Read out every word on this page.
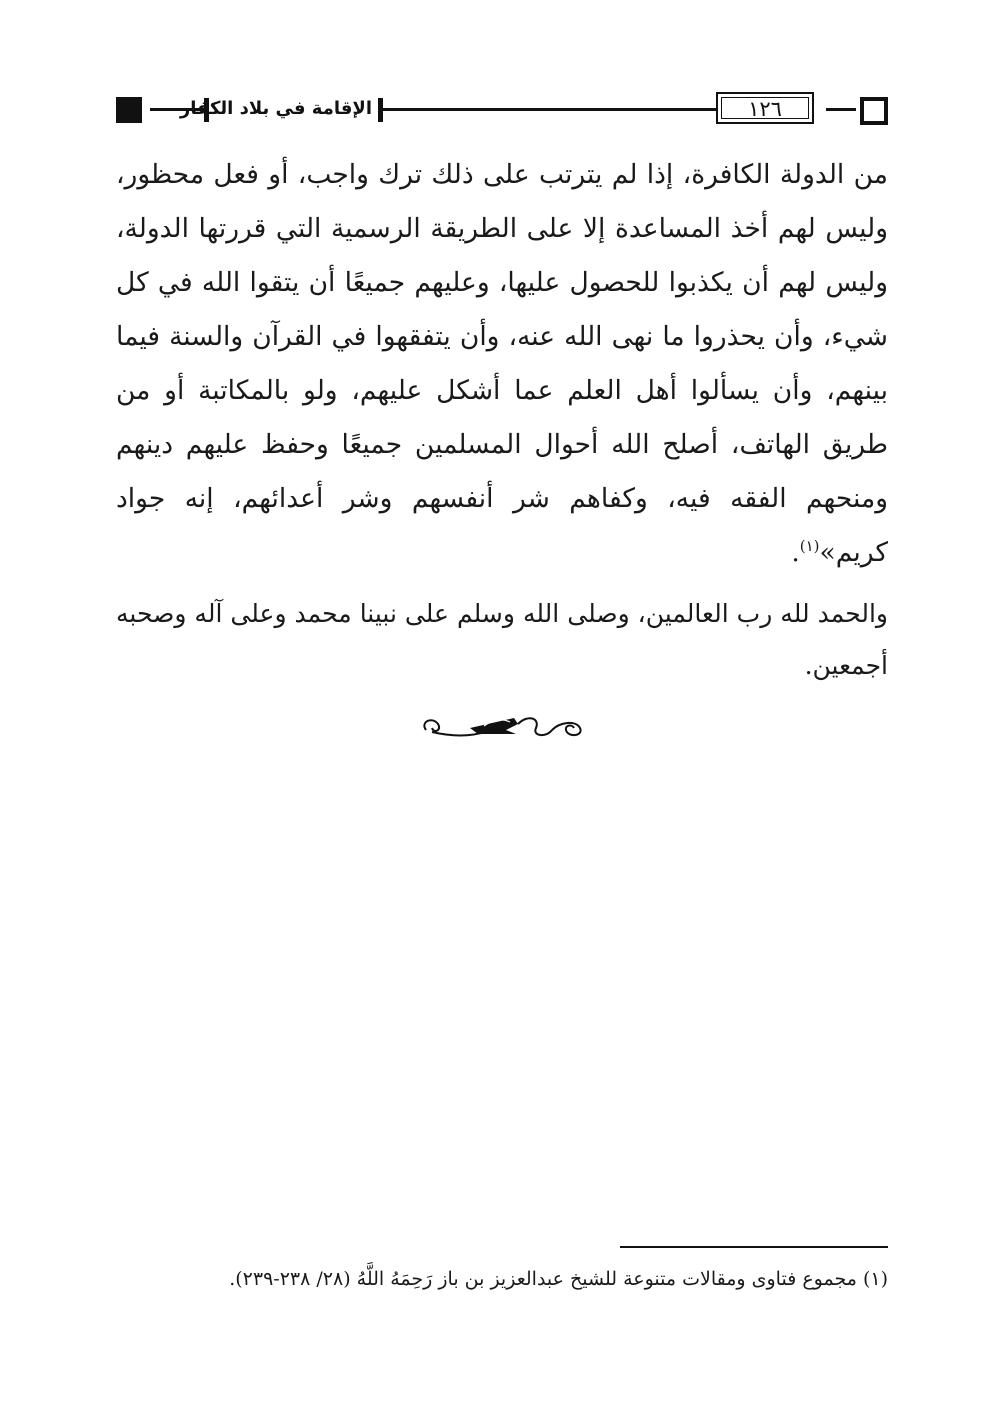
الإقامة في بلاد الكفار	١٢٦
من الدولة الكافرة، إذا لم يترتب على ذلك ترك واجب، أو فعل محظور، وليس لهم أخذ المساعدة إلا على الطريقة الرسمية التي قررتها الدولة، وليس لهم أن يكذبوا للحصول عليها، وعليهم جميعًا أن يتقوا الله في كل شيء، وأن يحذروا ما نهى الله عنه، وأن يتفقهوا في القرآن والسنة فيما بينهم، وأن يسألوا أهل العلم عما أشكل عليهم، ولو بالمكاتبة أو من طريق الهاتف، أصلح الله أحوال المسلمين جميعًا وحفظ عليهم دينهم ومنحهم الفقه فيه، وكفاهم شر أنفسهم وشر أعدائهم، إنه جواد كريم»$^{(١)}$.
والحمد لله رب العالمين، وصلى الله وسلم على نبينا محمد وعلى آله وصحبه أجمعين.
(١) مجموع فتاوى ومقالات متنوعة للشيخ عبدالعزيز بن باز رَحِمَهُ اللَّهُ (٢٨/ ٢٣٨-٢٣٩).
